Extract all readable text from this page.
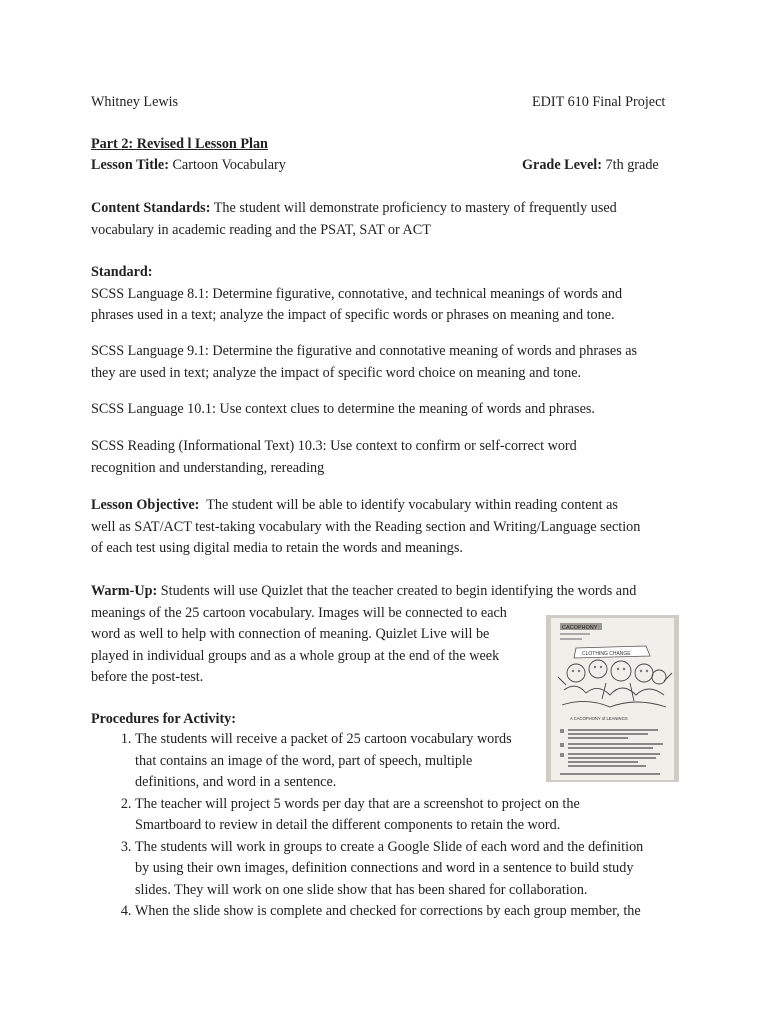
Whitney Lewis	EDIT 610 Final Project
Part 2: Revised l Lesson Plan
Lesson Title: Cartoon Vocabulary	Grade Level: 7th grade
Content Standards: The student will demonstrate proficiency to mastery of frequently used
vocabulary in academic reading and the PSAT, SAT or ACT
Standard:
SCSS Language 8.1: Determine figurative, connotative, and technical meanings of words and
phrases used in a text; analyze the impact of specific words or phrases on meaning and tone.
SCSS Language 9.1: Determine the figurative and connotative meaning of words and phrases as
they are used in text; analyze the impact of specific word choice on meaning and tone.
SCSS Language 10.1: Use context clues to determine the meaning of words and phrases.
SCSS Reading (Informational Text) 10.3: Use context to confirm or self-correct word
recognition and understanding, rereading
Lesson Objective:  The student will be able to identify vocabulary within reading content as
well as SAT/ACT test-taking vocabulary with the Reading section and Writing/Language section
of each test using digital media to retain the words and meanings.
Warm-Up: Students will use Quizlet that the teacher created to begin identifying the words and
meanings of the 25 cartoon vocabulary. Images will be connected to each
word as well to help with connection of meaning. Quizlet Live will be
played in individual groups and as a whole group at the end of the week
before the post-test.
CACOPHONY
CLOTHING CHANGE
A CACOPHONY of LEANINGS
Procedures for Activity:
1. The students will receive a packet of 25 cartoon vocabulary words
that contains an image of the word, part of speech, multiple
definitions, and word in a sentence.
2. The teacher will project 5 words per day that are a screenshot to project on the
Smartboard to review in detail the different components to retain the word.
3. The students will work in groups to create a Google Slide of each word and the definition
by using their own images, definition connections and word in a sentence to build study
slides. They will work on one slide show that has been shared for collaboration.
4. When the slide show is complete and checked for corrections by each group member, the
